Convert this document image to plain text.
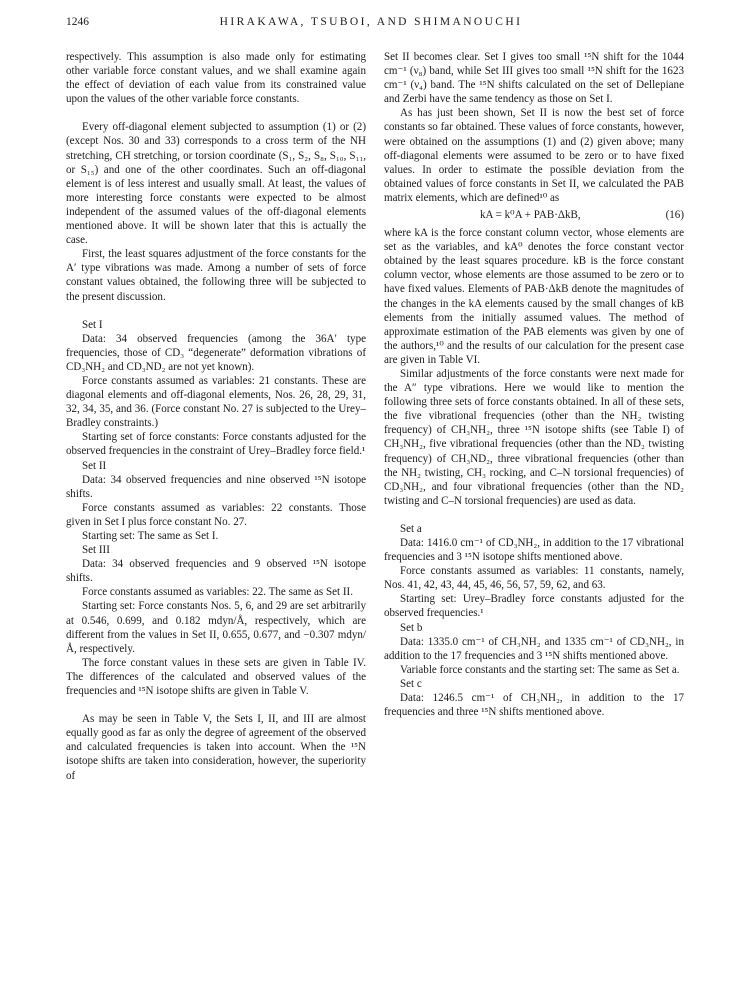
1246	HIRAKAWA, TSUBOI, AND SHIMANOUCHI

respectively. This assumption is also made only for estimating other variable force constant values, and we shall examine again the effect of deviation of each value from its constrained value upon the values of the other variable force constants.

Every off-diagonal element subjected to assumption (1) or (2) (except Nos. 30 and 33) corresponds to a cross term of the NH stretching, CH stretching, or torsion coordinate (S₁, S₂, S₈, S₁₀, S₁₁, or S₁₅) and one of the other coordinates. Such an off-diagonal element is of less interest and usually small. At least, the values of more interesting force constants were expected to be almost independent of the assumed values of the off-diagonal elements mentioned above. It will be shown later that this is actually the case.

First, the least squares adjustment of the force constants for the A′ type vibrations was made. Among a number of sets of force constant values obtained, the following three will be subjected to the present discussion.

Set I

Data: 34 observed frequencies (among the 36A′ type frequencies, those of CD₃ “degenerate” deformation vibrations of CD₃NH₂ and CD₃ND₂ are not yet known).

Force constants assumed as variables: 21 constants. These are diagonal elements and off-diagonal elements, Nos. 26, 28, 29, 31, 32, 34, 35, and 36. (Force constant No. 27 is subjected to the Urey–Bradley constraints.)

Starting set of force constants: Force constants adjusted for the observed frequencies in the constraint of Urey–Bradley force field.¹

Set II

Data: 34 observed frequencies and nine observed ¹⁵N isotope shifts.

Force constants assumed as variables: 22 constants. Those given in Set I plus force constant No. 27.

Starting set: The same as Set I.

Set III

Data: 34 observed frequencies and 9 observed ¹⁵N isotope shifts.

Force constants assumed as variables: 22. The same as Set II.

Starting set: Force constants Nos. 5, 6, and 29 are set arbitrarily at 0.546, 0.699, and 0.182 mdyn/Å, respectively, which are different from the values in Set II, 0.655, 0.677, and −0.307 mdyn/Å, respectively.

The force constant values in these sets are given in Table IV. The differences of the calculated and observed values of the frequencies and ¹⁵N isotope shifts are given in Table V.

As may be seen in Table V, the Sets I, II, and III are almost equally good as far as only the degree of agreement of the observed and calculated frequencies is taken into account. When the ¹⁵N isotope shifts are taken into consideration, however, the superiority of

Set II becomes clear. Set I gives too small ¹⁵N shift for the 1044 cm⁻¹ (ν₈) band, while Set III gives too small ¹⁵N shift for the 1623 cm⁻¹ (ν₄) band. The ¹⁵N shifts calculated on the set of Dellepiane and Zerbi have the same tendency as those on Set I.

As has just been shown, Set II is now the best set of force constants so far obtained. These values of force constants, however, were obtained on the assumptions (1) and (2) given above; many off-diagonal elements were assumed to be zero or to have fixed values. In order to estimate the possible deviation from the obtained values of force constants in Set II, we calculated the PAB matrix elements, which are defined¹⁰ as

kA = k⁰A + PAB·ΔkB,	(16)

where kA is the force constant column vector, whose elements are set as the variables, and kA⁰ denotes the force constant vector obtained by the least squares procedure. kB is the force constant column vector, whose elements are those assumed to be zero or to have fixed values. Elements of PAB·ΔkB denote the magnitudes of the changes in the kA elements caused by the small changes of kB elements from the initially assumed values. The method of approximate estimation of the PAB elements was given by one of the authors,¹⁰ and the results of our calculation for the present case are given in Table VI.

Similar adjustments of the force constants were next made for the A″ type vibrations. Here we would like to mention the following three sets of force constants obtained. In all of these sets, the five vibrational frequencies (other than the NH₂ twisting frequency) of CH₃NH₂, three ¹⁵N isotope shifts (see Table I) of CH₃NH₂, five vibrational frequencies (other than the ND₂ twisting frequency) of CH₃ND₂, three vibrational frequencies (other than the NH₂ twisting, CH₃ rocking, and C–N torsional frequencies) of CD₃NH₂, and four vibrational frequencies (other than the ND₂ twisting and C–N torsional frequencies) are used as data.

Set a

Data: 1416.0 cm⁻¹ of CD₃NH₂, in addition to the 17 vibrational frequencies and 3 ¹⁵N isotope shifts mentioned above.

Force constants assumed as variables: 11 constants, namely, Nos. 41, 42, 43, 44, 45, 46, 56, 57, 59, 62, and 63.

Starting set: Urey–Bradley force constants adjusted for the observed frequencies.¹

Set b

Data: 1335.0 cm⁻¹ of CH₃NH₂ and 1335 cm⁻¹ of CD₃NH₂, in addition to the 17 frequencies and 3 ¹⁵N shifts mentioned above.

Variable force constants and the starting set: The same as Set a.

Set c

Data: 1246.5 cm⁻¹ of CH₃NH₂, in addition to the 17 frequencies and three ¹⁵N shifts mentioned above.
